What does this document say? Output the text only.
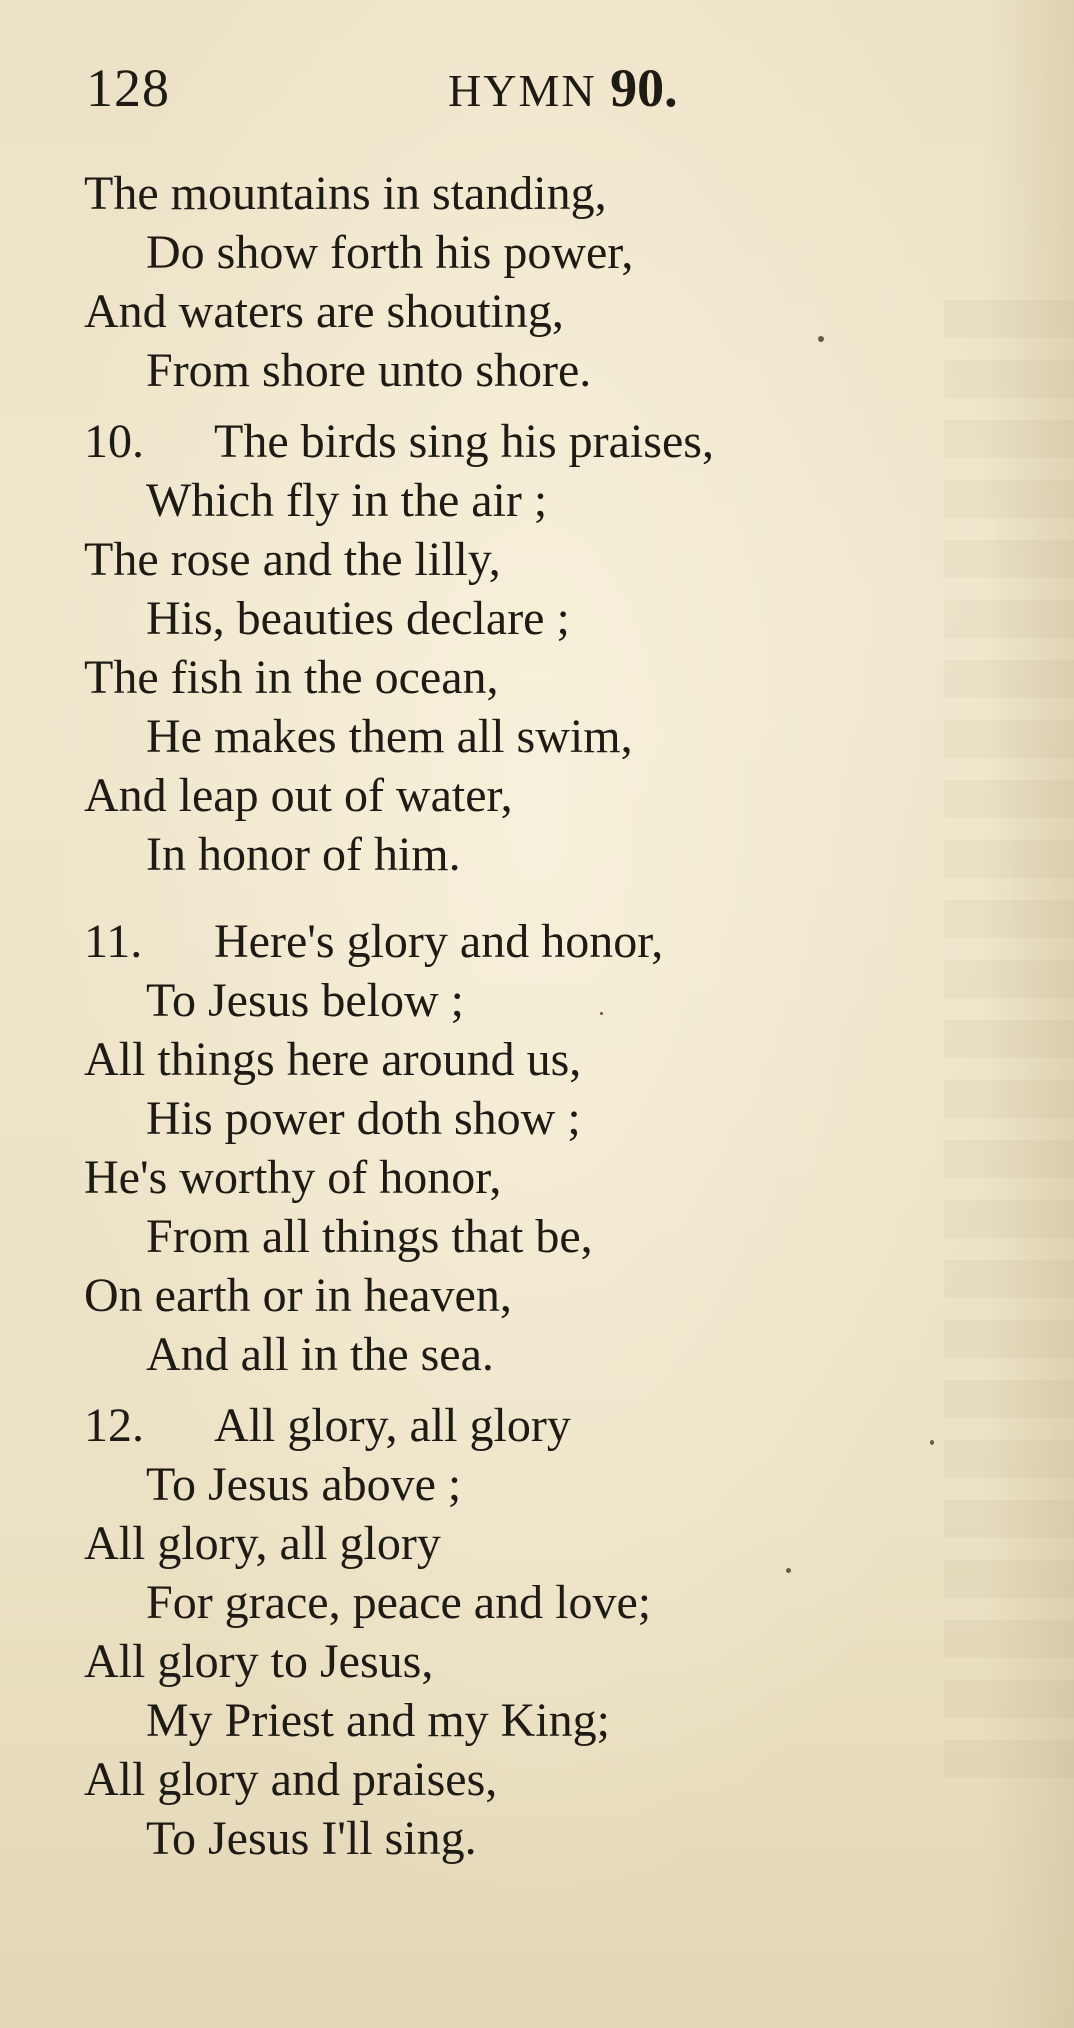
128	HYMN 90.
The mountains in standing,
Do show forth his power,
And waters are shouting,
From shore unto shore.
10. The birds sing his praises,
Which fly in the air ;
The rose and the lilly,
His, beauties declare ;
The fish in the ocean,
He makes them all swim,
And leap out of water,
In honor of him.
11. Here's glory and honor,
To Jesus below ;
All things here around us,
His power doth show ;
He's worthy of honor,
From all things that be,
On earth or in heaven,
And all in the sea.
12. All glory, all glory
To Jesus above ;
All glory, all glory
For grace, peace and love;
All glory to Jesus,
My Priest and my King;
All glory and praises,
To Jesus I'll sing.
